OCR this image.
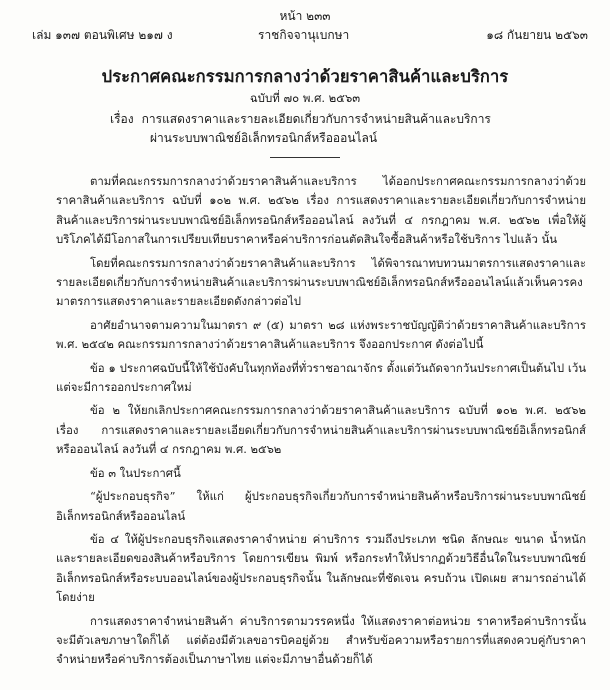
หน้า ๒๓๓
เล่ม ๑๓๗ ตอนพิเศษ ๒๑๗ ง	ราชกิจจานุเบกษา	๑๘ กันยายน ๒๕๖๓
ประกาศคณะกรรมการกลางว่าด้วยราคาสินค้าและบริการ
ฉบับที่ ๗๐ พ.ศ. ๒๕๖๓
เรื่อง การแสดงราคาและรายละเอียดเกี่ยวกับการจำหน่ายสินค้าและบริการ
ผ่านระบบพาณิชย์อิเล็กทรอนิกส์หรือออนไลน์

ตามที่คณะกรรมการกลางว่าด้วยราคาสินค้าและบริการ ได้ออกประกาศคณะกรรมการกลางว่าด้วยราคาสินค้าและบริการ ฉบับที่ ๑๐๒ พ.ศ. ๒๕๖๒ เรื่อง การแสดงราคาและรายละเอียดเกี่ยวกับการจำหน่ายสินค้าและบริการผ่านระบบพาณิชย์อิเล็กทรอนิกส์หรือออนไลน์ ลงวันที่ ๔ กรกฎาคม พ.ศ. ๒๕๖๒ เพื่อให้ผู้บริโภคได้มีโอกาสในการเปรียบเทียบราคาหรือค่าบริการก่อนตัดสินใจซื้อสินค้าหรือใช้บริการ ไปแล้ว นั้น

โดยที่คณะกรรมการกลางว่าด้วยราคาสินค้าและบริการ ได้พิจารณาทบทวนมาตรการแสดงราคาและรายละเอียดเกี่ยวกับการจำหน่ายสินค้าและบริการผ่านระบบพาณิชย์อิเล็กทรอนิกส์หรือออนไลน์แล้วเห็นควรคงมาตรการแสดงราคาและรายละเอียดดังกล่าวต่อไป

อาศัยอำนาจตามความในมาตรา ๙ (๕) มาตรา ๒๘ แห่งพระราชบัญญัติว่าด้วยราคาสินค้าและบริการ พ.ศ. ๒๕๔๒ คณะกรรมการกลางว่าด้วยราคาสินค้าและบริการ จึงออกประกาศ ดังต่อไปนี้

ข้อ ๑ ประกาศฉบับนี้ให้ใช้บังคับในทุกท้องที่ทั่วราชอาณาจักร ตั้งแต่วันถัดจากวันประกาศเป็นต้นไป เว้นแต่จะมีการออกประกาศใหม่

ข้อ ๒ ให้ยกเลิกประกาศคณะกรรมการกลางว่าด้วยราคาสินค้าและบริการ ฉบับที่ ๑๐๒ พ.ศ. ๒๕๖๒ เรื่อง การแสดงราคาและรายละเอียดเกี่ยวกับการจำหน่ายสินค้าและบริการผ่านระบบพาณิชย์อิเล็กทรอนิกส์หรือออนไลน์ ลงวันที่ ๔ กรกฎาคม พ.ศ. ๒๕๖๒

ข้อ ๓ ในประกาศนี้

“ผู้ประกอบธุรกิจ” ให้แก่ ผู้ประกอบธุรกิจเกี่ยวกับการจำหน่ายสินค้าหรือบริการผ่านระบบพาณิชย์อิเล็กทรอนิกส์หรือออนไลน์

ข้อ ๔ ให้ผู้ประกอบธุรกิจแสดงราคาจำหน่าย ค่าบริการ รวมถึงประเภท ชนิด ลักษณะ ขนาด น้ำหนัก และรายละเอียดของสินค้าหรือบริการ โดยการเขียน พิมพ์ หรือกระทำให้ปรากฏด้วยวิธีอื่นใดในระบบพาณิชย์อิเล็กทรอนิกส์หรือระบบออนไลน์ของผู้ประกอบธุรกิจนั้น ในลักษณะที่ชัดเจน ครบถ้วน เปิดเผย สามารถอ่านได้โดยง่าย

การแสดงราคาจำหน่ายสินค้า ค่าบริการตามวรรคหนึ่ง ให้แสดงราคาต่อหน่วย ราคาหรือค่าบริการนั้นจะมีตัวเลขภาษาใดก็ได้ แต่ต้องมีตัวเลขอารบิคอยู่ด้วย สำหรับข้อความหรือรายการที่แสดงควบคู่กับราคาจำหน่ายหรือค่าบริการต้องเป็นภาษาไทย แต่จะมีภาษาอื่นด้วยก็ได้
